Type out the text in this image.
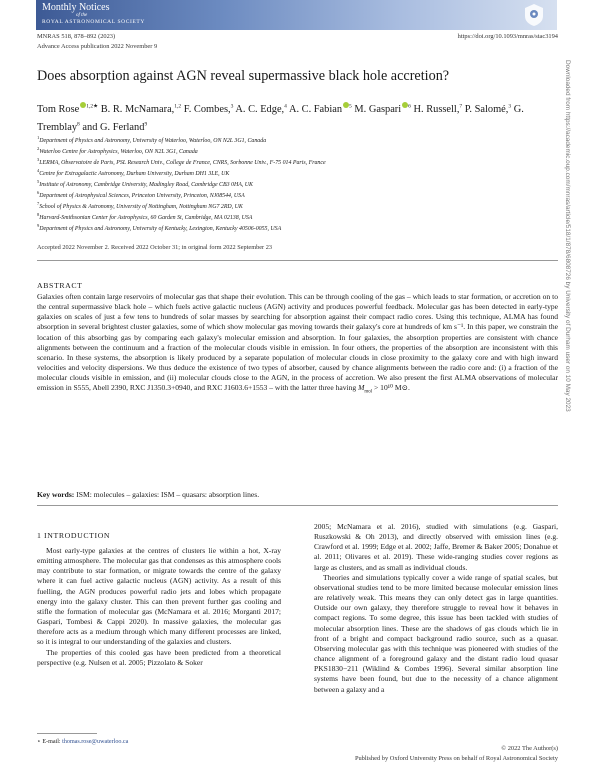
Monthly Notices
of the
ROYAL ASTRONOMICAL SOCIETY
MNRAS 518, 878–892 (2023)	https://doi.org/10.1093/mnras/stac3194
Advance Access publication 2022 November 9
Does absorption against AGN reveal supermassive black hole accretion?
Tom Rose $^{1,2★}$ B. R. McNamara,$^{1,2}$ F. Combes,$^3$ A. C. Edge,$^4$ A. C. Fabian $^5$ M. Gaspari $^6$ H. Russell,$^7$ P. Salomé,$^3$ G. Tremblay$^8$ and G. Ferland$^9$
$^1$Department of Physics and Astronomy, University of Waterloo, Waterloo, ON N2L 3G1, Canada
$^2$Waterloo Centre for Astrophysics, Waterloo, ON N2L 3G1, Canada
$^3$LERMA, Observatoire de Paris, PSL Research Univ., College de France, CNRS, Sorbonne Univ., F-75 014 Paris, France
$^4$Centre for Extragalactic Astronomy, Durham University, Durham DH1 3LE, UK
$^5$Institute of Astronomy, Cambridge University, Madingley Road, Cambridge CB3 0HA, UK
$^6$Department of Astrophysical Sciences, Princeton University, Princeton, NJ08544, USA
$^7$School of Physics & Astronomy, University of Nottingham, Nottingham NG7 2RD, UK
$^8$Harvard-Smithsonian Center for Astrophysics, 60 Garden St, Cambridge, MA 02138, USA
$^9$Department of Physics and Astronomy, University of Kentucky, Lexington, Kentucky 40506-0055, USA
Accepted 2022 November 2. Received 2022 October 31; in original form 2022 September 23
ABSTRACT
Galaxies often contain large reservoirs of molecular gas that shape their evolution. This can be through cooling of the gas – which leads to star formation, or accretion on to the central supermassive black hole – which fuels active galactic nucleus (AGN) activity and produces powerful feedback. Molecular gas has been detected in early-type galaxies on scales of just a few tens to hundreds of solar masses by searching for absorption against their compact radio cores. Using this technique, ALMA has found absorption in several brightest cluster galaxies, some of which show molecular gas moving towards their galaxy's core at hundreds of km s⁻¹. In this paper, we constrain the location of this absorbing gas by comparing each galaxy's molecular emission and absorption. In four galaxies, the absorption properties are consistent with chance alignments between the continuum and a fraction of the molecular clouds visible in emission. In four others, the properties of the absorption are inconsistent with this scenario. In these systems, the absorption is likely produced by a separate population of molecular clouds in close proximity to the galaxy core and with high inward velocities and velocity dispersions. We thus deduce the existence of two types of absorber, caused by chance alignments between the radio core and: (i) a fraction of the molecular clouds visible in emission, and (ii) molecular clouds close to the AGN, in the process of accretion. We also present the first ALMA observations of molecular emission in S555, Abell 2390, RXC J1350.3+0940, and RXC J1603.6+1553 – with the latter three having $M_{mol} > 10^{10}$ M⊙.
Key words: ISM: molecules – galaxies: ISM – quasars: absorption lines.
1 INTRODUCTION

Most early-type galaxies at the centres of clusters lie within a hot, X-ray emitting atmosphere. The molecular gas that condenses as this atmosphere cools may contribute to star formation, or migrate towards the centre of the galaxy where it can fuel active galactic nucleus (AGN) activity. As a result of this fuelling, the AGN produces powerful radio jets and lobes which propagate energy into the galaxy cluster. This can then prevent further gas cooling and stifle the formation of molecular gas (McNamara et al. 2016; Morganti 2017; Gaspari, Tombesi & Cappi 2020). In massive galaxies, the molecular gas therefore acts as a medium through which many different processes are linked, so it is integral to our understanding of the galaxies and clusters.

The properties of this cooled gas have been predicted from a theoretical perspective (e.g. Nulsen et al. 2005; Pizzolato & Soker

2005; McNamara et al. 2016), studied with simulations (e.g. Gaspari, Ruszkowski & Oh 2013), and directly observed with emission lines (e.g. Crawford et al. 1999; Edge et al. 2002; Jaffe, Bremer & Baker 2005; Donahue et al. 2011; Olivares et al. 2019). These wide-ranging studies cover regions as large as clusters, and as small as individual clouds.

Theories and simulations typically cover a wide range of spatial scales, but observational studies tend to be more limited because molecular emission lines are relatively weak. This means they can only detect gas in large quantities. Outside our own galaxy, they therefore struggle to reveal how it behaves in compact regions. To some degree, this issue has been tackled with studies of molecular absorption lines. These are the shadows of gas clouds which lie in front of a bright and compact background radio source, such as a quasar. Observing molecular gas with this technique was pioneered with studies of the chance alignment of a foreground galaxy and the distant radio loud quasar PKS1830−211 (Wiklind & Combes 1996). Several similar absorption line systems have been found, but due to the necessity of a chance alignment between a galaxy and a

⋆ E-mail: thomas.rose@uwaterloo.ca
© 2022 The Author(s)
Published by Oxford University Press on behalf of Royal Astronomical Society
Downloaded from https://academic.oup.com/mnras/article/518/1/878/6808726 by University of Durham user on 10 May 2023
